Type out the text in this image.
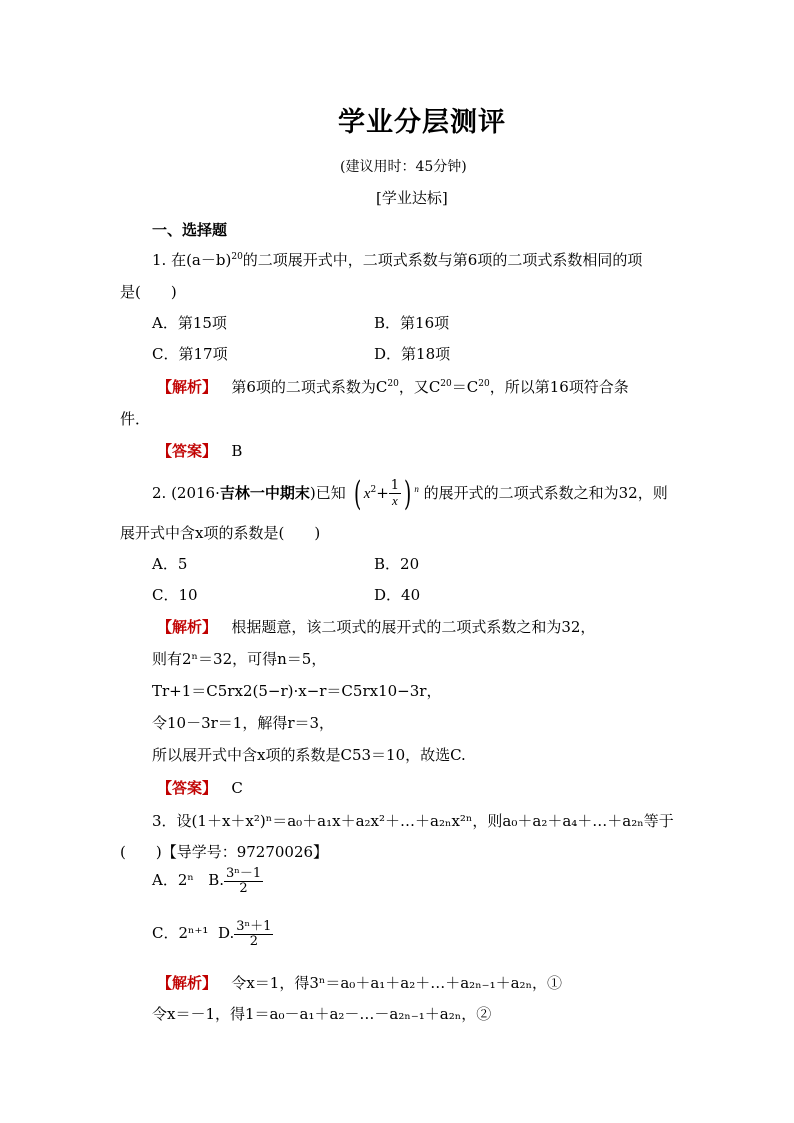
学业分层测评
(建议用时：45分钟)
[学业达标]
一、选择题
1. 在$(a-b)^{20}$的二项展开式中，二项式系数与第6项的二项式系数相同的项
是(　　)
A．第15项	B．第16项
C．第17项	D．第18项
【解析】 第6项的二项式系数为$C^{20}$，又$C^{20}=C^{20}$，所以第16项符合条
件．
【答案】 B
2. (2016·吉林一中期末)已知 ( $x^2+ \frac{1}{x}$ ) $^n$ 的展开式的二项式系数之和为32，则
展开式中含x项的系数是(　　)
A．5	B．20
C．10	D．40
【解析】 根据题意，该二项式的展开式的二项式系数之和为32，
则有2ⁿ＝32，可得n＝5，
Tr+1＝C5rx2(5−r)·x−r＝C5rx10−3r，
令10－3r＝1，解得r＝3，
所以展开式中含x项的系数是C53＝10，故选C.
【答案】 C
3．设(1＋x＋x²)ⁿ＝a₀＋a₁x＋a₂x²＋…＋a₂ₙx²ⁿ，则a₀＋a₂＋a₄＋…＋a₂ₙ等于
(　　)【导学号：97270026】
A．2ⁿ B. $\frac{\text{3ⁿ－1}}{2}$
C．2ⁿ⁺¹ D. $\frac{\text{3ⁿ＋1}}{2}$
【解析】 令x＝1，得3ⁿ＝a₀＋a₁＋a₂＋…＋a₂ₙ₋₁＋a₂ₙ，①
令x＝－1，得1＝a₀－a₁＋a₂－…－a₂ₙ₋₁＋a₂ₙ，②
